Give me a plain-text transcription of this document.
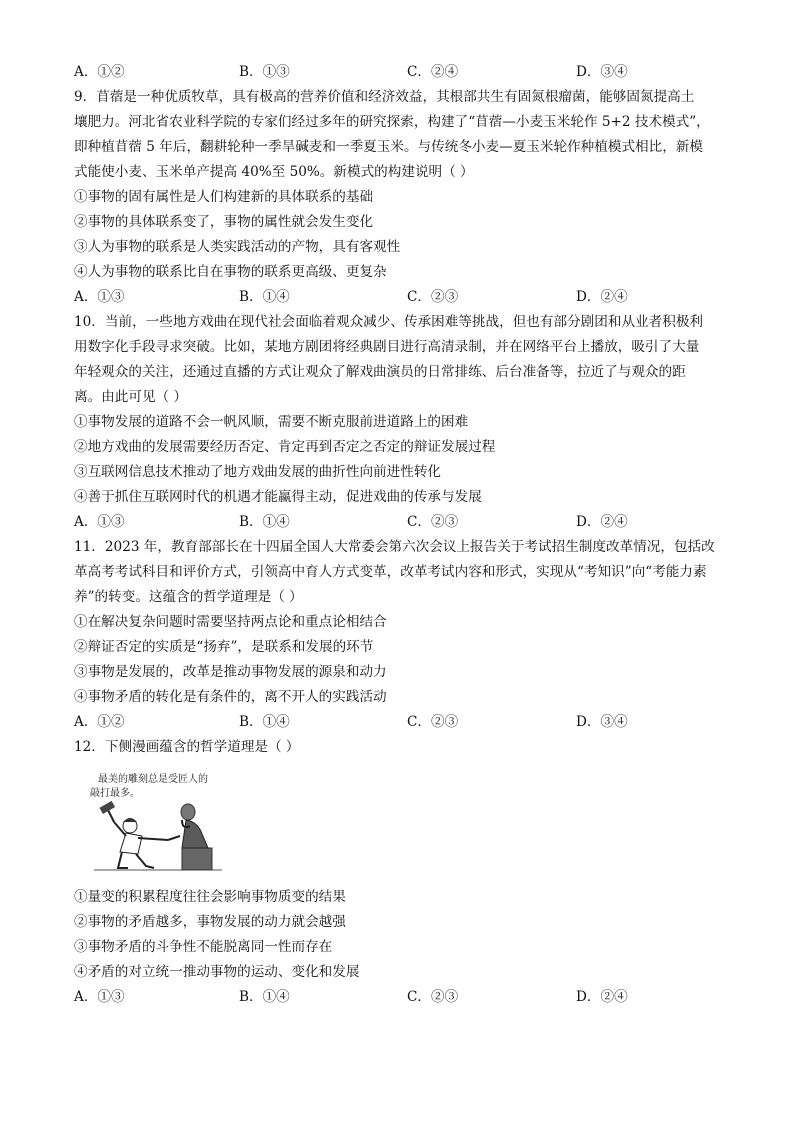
A．①②	B．①③	C．②④	D．③④
9．苜蓿是一种优质牧草，具有极高的营养价值和经济效益，其根部共生有固氮根瘤菌，能够固氮提高土
壤肥力。河北省农业科学院的专家们经过多年的研究探索，构建了“苜蓿—小麦玉米轮作 5+2 技术模式”，
即种植苜蓿 5 年后，翻耕轮种一季旱碱麦和一季夏玉米。与传统冬小麦—夏玉米轮作种植模式相比，新模
式能使小麦、玉米单产提高 40%至 50%。新模式的构建说明（ ）
①事物的固有属性是人们构建新的具体联系的基础
②事物的具体联系变了，事物的属性就会发生变化
③人为事物的联系是人类实践活动的产物，具有客观性
④人为事物的联系比自在事物的联系更高级、更复杂
A．①③	B．①④	C．②③	D．②④
10．当前，一些地方戏曲在现代社会面临着观众减少、传承困难等挑战，但也有部分剧团和从业者积极利
用数字化手段寻求突破。比如，某地方剧团将经典剧目进行高清录制，并在网络平台上播放，吸引了大量
年轻观众的关注，还通过直播的方式让观众了解戏曲演员的日常排练、后台准备等，拉近了与观众的距
离。由此可见（ ）
①事物发展的道路不会一帆风顺，需要不断克服前进道路上的困难
②地方戏曲的发展需要经历否定、肯定再到否定之否定的辩证发展过程
③互联网信息技术推动了地方戏曲发展的曲折性向前进性转化
④善于抓住互联网时代的机遇才能赢得主动，促进戏曲的传承与发展
A．①③	B．①④	C．②③	D．②④
11．2023 年，教育部部长在十四届全国人大常委会第六次会议上报告关于考试招生制度改革情况，包括改
革高考考试科目和评价方式，引领高中育人方式变革，改革考试内容和形式，实现从“考知识”向“考能力素
养”的转变。这蕴含的哲学道理是（ ）
①在解决复杂问题时需要坚持两点论和重点论相结合
②辩证否定的实质是“扬弃”，是联系和发展的环节
③事物是发展的，改革是推动事物发展的源泉和动力
④事物矛盾的转化是有条件的，离不开人的实践活动
A．①②	B．①④	C．②③	D．③④
12．下侧漫画蕴含的哲学道理是（ ）
最美的雕刻总是受匠人的
敲打最多。
①量变的积累程度往往会影响事物质变的结果
②事物的矛盾越多，事物发展的动力就会越强
③事物矛盾的斗争性不能脱离同一性而存在
④矛盾的对立统一推动事物的运动、变化和发展
A．①③	B．①④	C．②③	D．②④
